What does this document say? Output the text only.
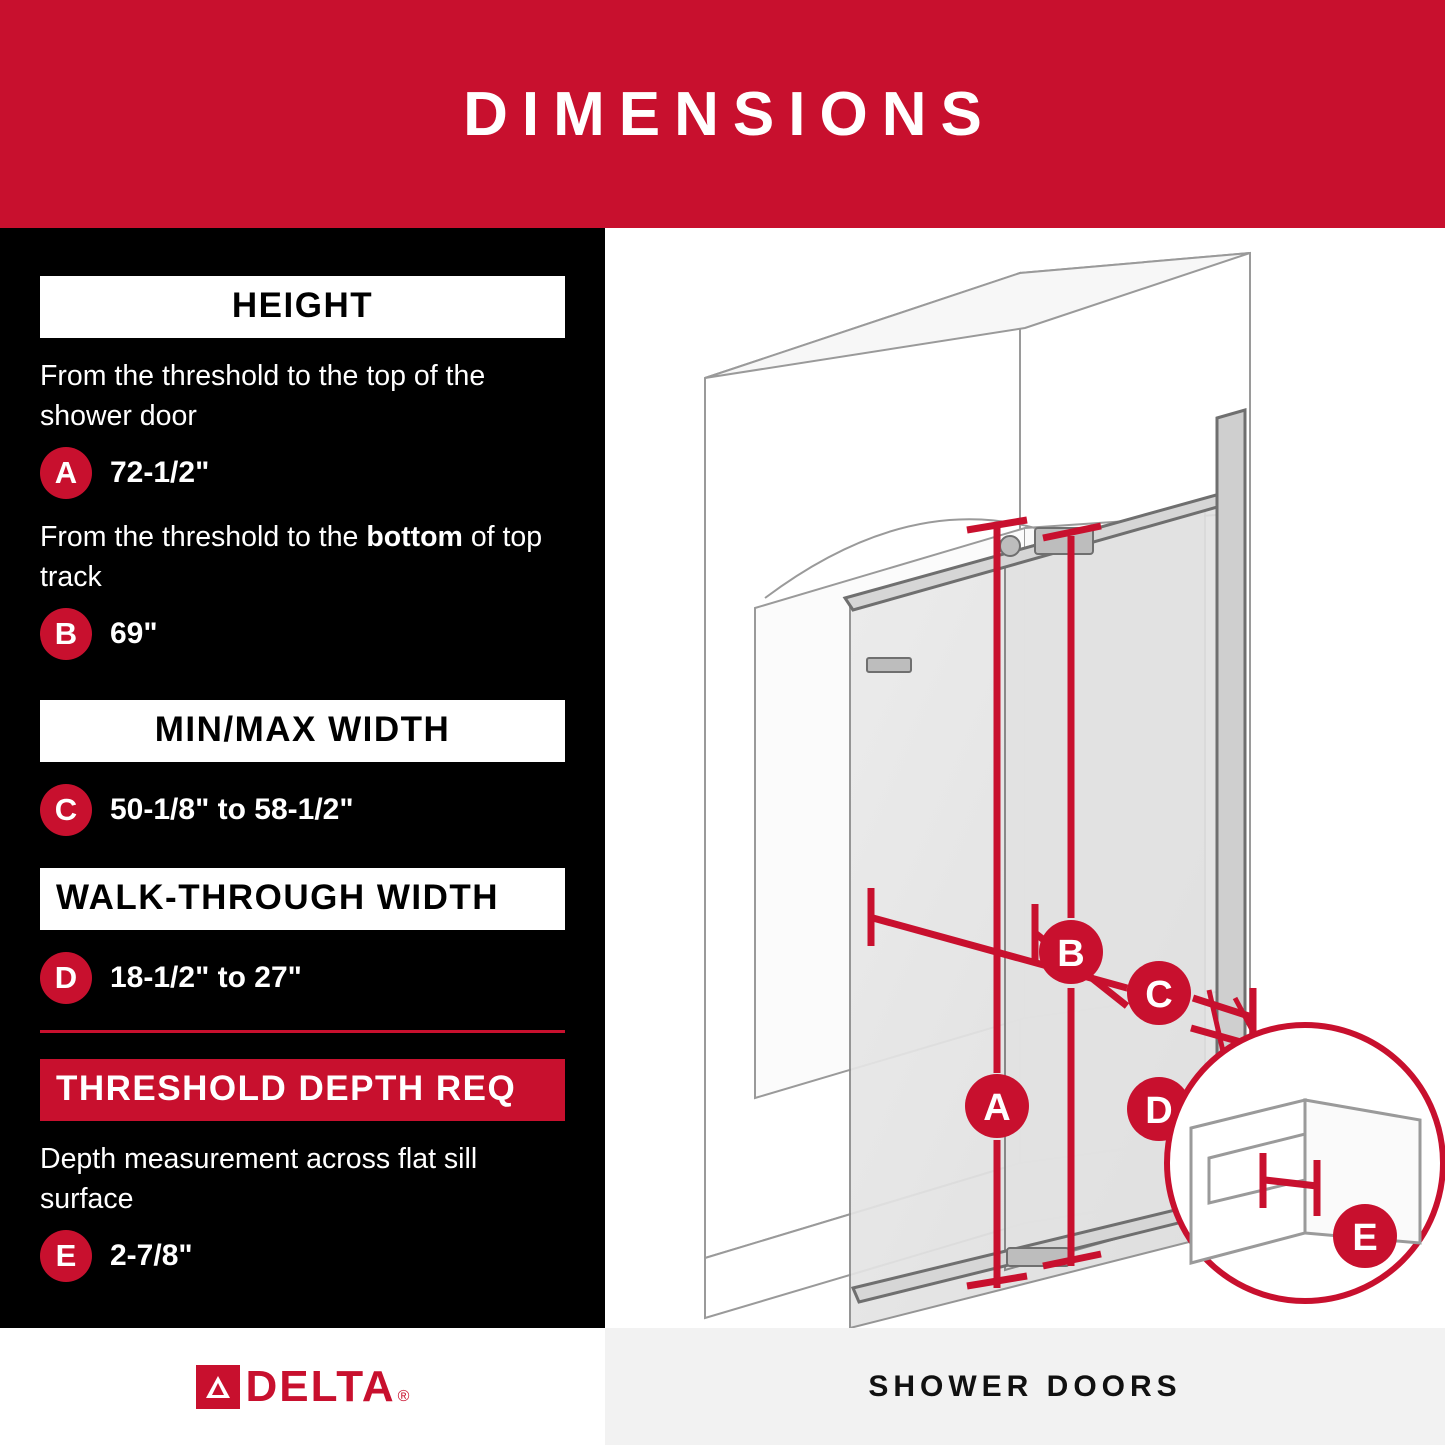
DIMENSIONS
HEIGHT
From the threshold to the top of the shower door
A	72-1/2"
From the threshold to the bottom of top track
B	69"
MIN/MAX WIDTH
C	50-1/8" to 58-1/2"
WALK-THROUGH WIDTH
D	18-1/2" to 27"
THRESHOLD DEPTH REQ
Depth measurement across flat sill surface
E	2-7/8"
A
B
C
D
E
DELTA ®	SHOWER DOORS
